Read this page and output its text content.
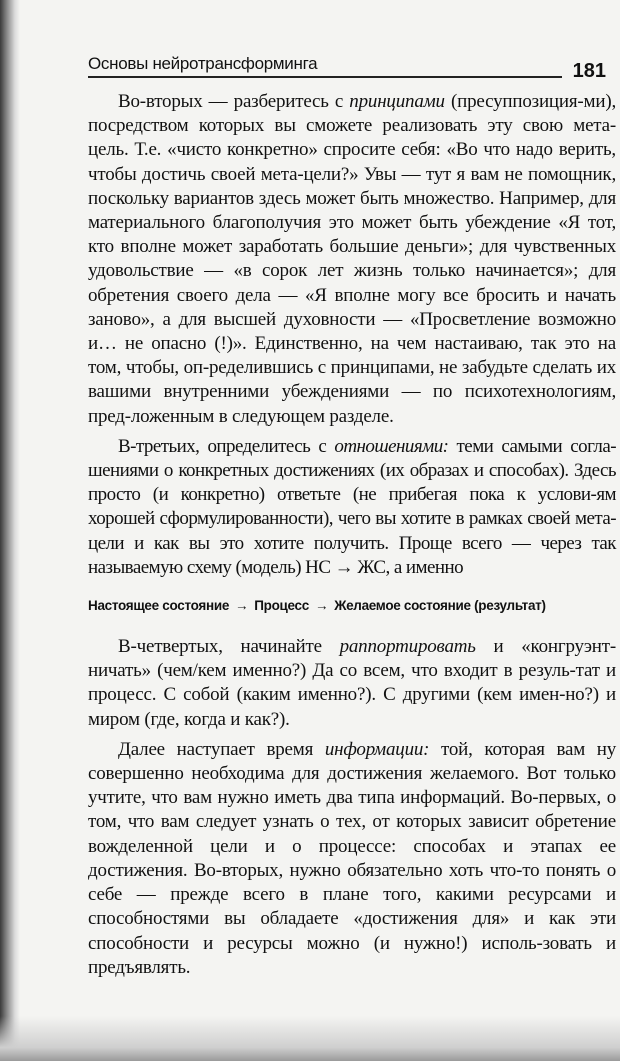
Основы нейротрансформинга	181

Во-вторых — разберитесь с принципами (пресуппозиция-ми), посредством которых вы сможете реализовать эту свою мета-цель. Т.е. «чисто конкретно» спросите себя: «Во что надо верить, чтобы достичь своей мета-цели?» Увы — тут я вам не помощник, поскольку вариантов здесь может быть множество. Например, для материального благополучия это может быть убеждение «Я тот, кто вполне может заработать большие деньги»; для чувственных удовольствие — «в сорок лет жизнь только начинается»; для обретения своего дела — «Я вполне могу все бросить и начать заново», а для высшей духовности — «Просветление возможно и… не опасно (!)». Единственно, на чем настаиваю, так это на том, чтобы, оп-ределившись с принципами, не забудьте сделать их вашими внутренними убеждениями — по психотехнологиям, пред-ложенным в следующем разделе.

В-третьих, определитесь с отношениями: теми самыми согла-шениями о конкретных достижениях (их образах и способах). Здесь просто (и конкретно) ответьте (не прибегая пока к услови-ям хорошей сформулированности), чего вы хотите в рамках своей мета-цели и как вы это хотите получить. Проще всего — через так называемую схему (модель) НС → ЖС, а именно

Настоящее состояние → Процесс → Желаемое состояние (результат)

В-четвертых, начинайте раппортировать и «конгруэнт-ничать» (чем/кем именно?) Да со всем, что входит в резуль-тат и процесс. С собой (каким именно?). С другими (кем имен-но?) и миром (где, когда и как?).

Далее наступает время информации: той, которая вам ну совершенно необходима для достижения желаемого. Вот только учтите, что вам нужно иметь два типа информаций. Во-первых, о том, что вам следует узнать о тех, от которых зависит обретение вожделенной цели и о процессе: способах и этапах ее достижения. Во-вторых, нужно обязательно хоть что-то понять о себе — прежде всего в плане того, какими ресурсами и способностями вы обладаете «достижения для» и как эти способности и ресурсы можно (и нужно!) исполь-зовать и предъявлять.
